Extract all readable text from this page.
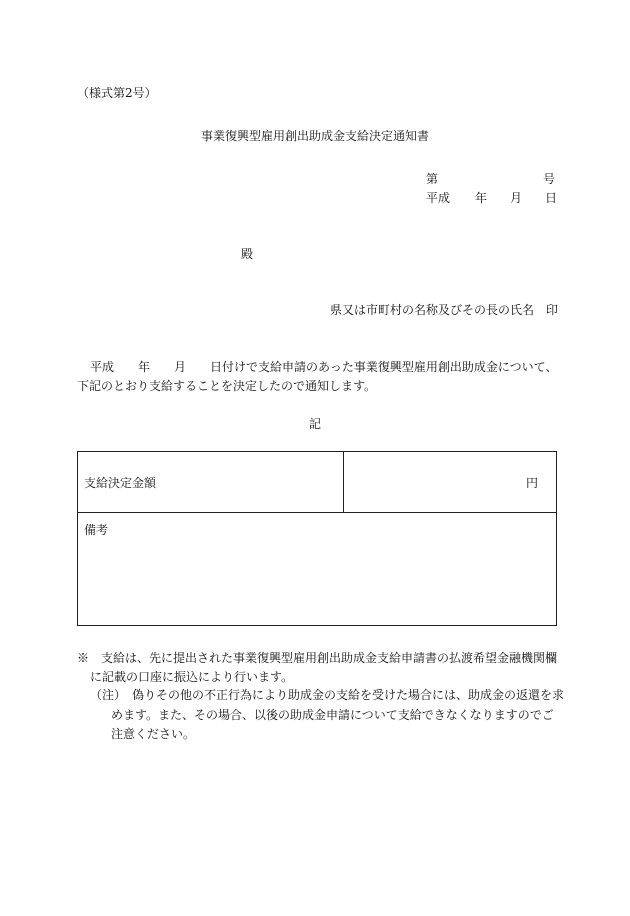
（様式第2号）
事業復興型雇用創出助成金支給決定通知書
第	号
平成 年 月 日
殿
県又は市町村の名称及びその長の氏名　印
平成　　年　　月　　日付けで支給申請のあった事業復興型雇用創出助成金について、
下記のとおり支給することを決定したので通知します。
記
支給決定金額	円
備考
※　支給は、先に提出された事業復興型雇用創出助成金支給申請書の払渡希望金融機関欄
に記載の口座に振込により行います。
（注）　偽りその他の不正行為により助成金の支給を受けた場合には、助成金の返還を求
めます。また、その場合、以後の助成金申請について支給できなくなりますのでご
注意ください。
